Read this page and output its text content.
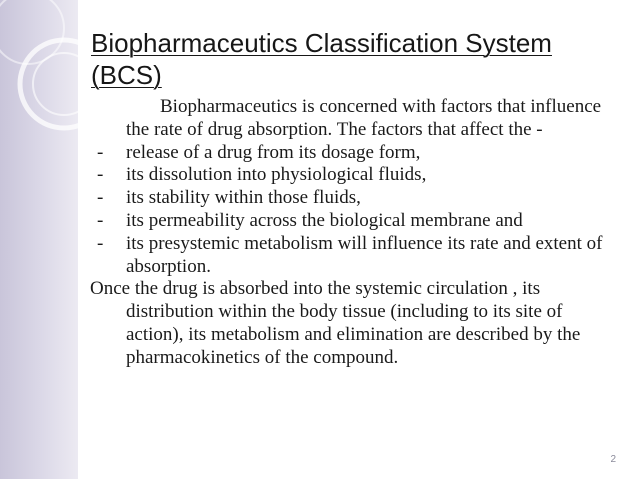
Biopharmaceutics Classification System (BCS)

Biopharmaceutics is concerned with factors that influence the rate of drug absorption. The factors that affect the -

- release of a drug from its dosage form,

- its dissolution into physiological fluids,

- its stability within those fluids,

- its permeability across the biological membrane and

- its presystemic metabolism will influence its rate and extent of absorption.

Once the drug is absorbed into the systemic circulation , its distribution within the body tissue (including to its site of action), its metabolism and elimination are described by the pharmacokinetics of the compound.

2
